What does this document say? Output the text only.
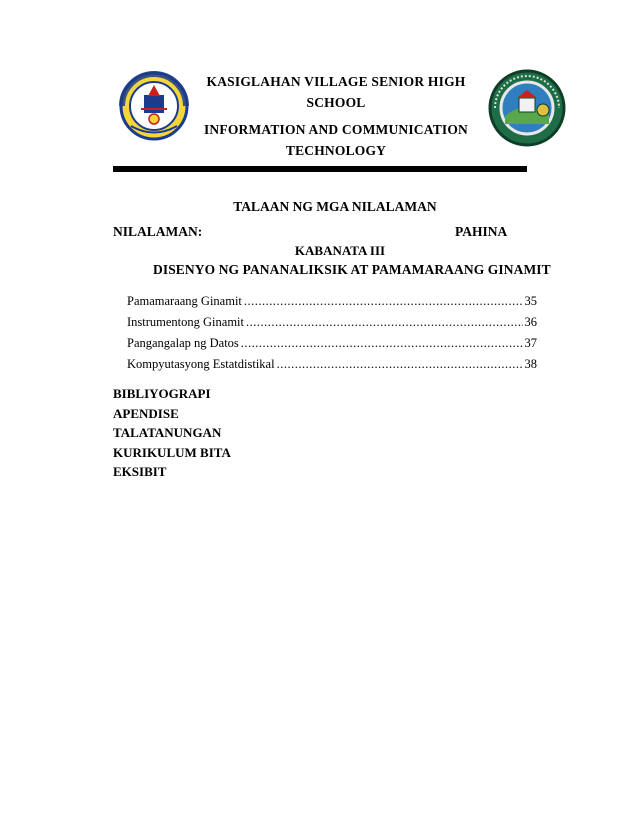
KASIGLAHAN VILLAGE SENIOR HIGH
SCHOOL
INFORMATION AND COMMUNICATION
TECHNOLOGY
TALAAN NG MGA NILALAMAN
NILALAMAN:	PAHINA
KABANATA III
DISENYO NG PANANALIKSIK AT PAMAMARAANG GINAMIT
Pamamaraang Ginamit .....	35
Instrumentong Ginamit .....	36
Pangangalap ng Datos .....	37
Kompyutasyong Estatdistikal .....	38
BIBLIYOGRAPI
APENDISE
TALATANUNGAN
KURIKULUM BITA
EKSIBIT
